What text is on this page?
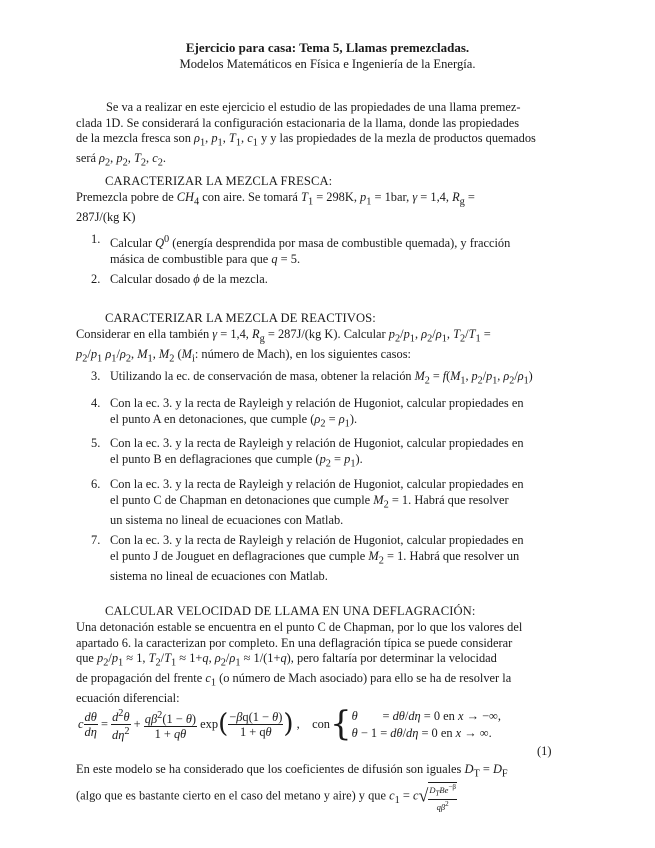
Ejercicio para casa: Tema 5, Llamas premezcladas.
Modelos Matemáticos en Física e Ingeniería de la Energía.
Se va a realizar en este ejercicio el estudio de las propiedades de una llama premez-
clada 1D. Se considerará la configuración estacionaria de la llama, donde las propiedades
de la mezcla fresca son $\rho_1$, $p_1$, $T_1$, $c_1$ y y las propiedades de la mezla de productos quemados
será $\rho_2$, $p_2$, $T_2$, $c_2$.
CARACTERIZAR LA MEZCLA FRESCA:
Premezcla pobre de $CH_4$ con aire. Se tomará $T_1 = 298K$, $p_1 = 1bar$, γ = 1,4, $R_g$ =
287J/(kg K)
1. Calcular $Q^0$ (energía desprendida por masa de combustible quemada), y fracción
másica de combustible para que q = 5.
2. Calcular dosado ϕ de la mezcla.
CARACTERIZAR LA MEZCLA DE REACTIVOS:
Considerar en ella también γ = 1,4, $R_g = 287J/(kg$ K). Calcular $p_2/p_1$, $\rho_2/\rho_1$, $T_2/T_1$ =
$p_2/p_1$ $\rho_1/\rho_2$, $M_1$, $M_2$ ($M_i$: número de Mach), en los siguientes casos:
3. Utilizando la ec. de conservación de masa, obtener la relación $M_2 = f(M_1$, $p_2/p_1$, $\rho_2/\rho_1$)
4. Con la ec. 3. y la recta de Rayleigh y relación de Hugoniot, calcular propiedades en
el punto A en detonaciones, que cumple $(\rho_2 = \rho_1)$.
5. Con la ec. 3. y la recta de Rayleigh y relación de Hugoniot, calcular propiedades en
el punto B en deflagraciones que cumple $(p_2 = p_1)$.
6. Con la ec. 3. y la recta de Rayleigh y relación de Hugoniot, calcular propiedades en
el punto C de Chapman en detonaciones que cumple $M_2 = 1$. Habrá que resolver
un sistema no lineal de ecuaciones con Matlab.
7. Con la ec. 3. y la recta de Rayleigh y relación de Hugoniot, calcular propiedades en
el punto J de Jouguet en deflagraciones que cumple $M_2 = 1$. Habrá que resolver un
sistema no lineal de ecuaciones con Matlab.
CALCULAR VELOCIDAD DE LLAMA EN UNA DEFLAGRACIÓN:
Una detonación estable se encuentra en el punto C de Chapman, por lo que los valores del
apartado 6. la caracterizan por completo. En una deflagración típica se puede considerar
que $p_2/p_1 \approx 1$, $T_2/T_1 \approx 1+q$, $\rho_2/\rho_1 \approx 1/(1+q)$, pero faltaría por determinar la velocidad
de propagación del frente $c_1$ (o número de Mach asociado) para ello se ha de resolver la
ecuación diferencial:
c $\frac{d\theta}{d\eta} = \frac{d^2\theta}{d\eta^2} + \frac{q\beta^2(1 - \theta)}{1 + q\theta} \exp( \frac{-\beta q(1 - \theta)}{1 + q\theta}$ ) ,    con{ θ        = dθ/dη = 0 en x → −∞,
θ − 1 = dθ/dη = 0 en x → ∞.
(1)
En este modelo se ha considerado que los coeficientes de difusión son iguales $D_T = D_F$
(algo que es bastante cierto en el caso del metano y aire) y que $c_1 = c√ \frac{D_TBe^{-\beta}}{q\beta^2}$
